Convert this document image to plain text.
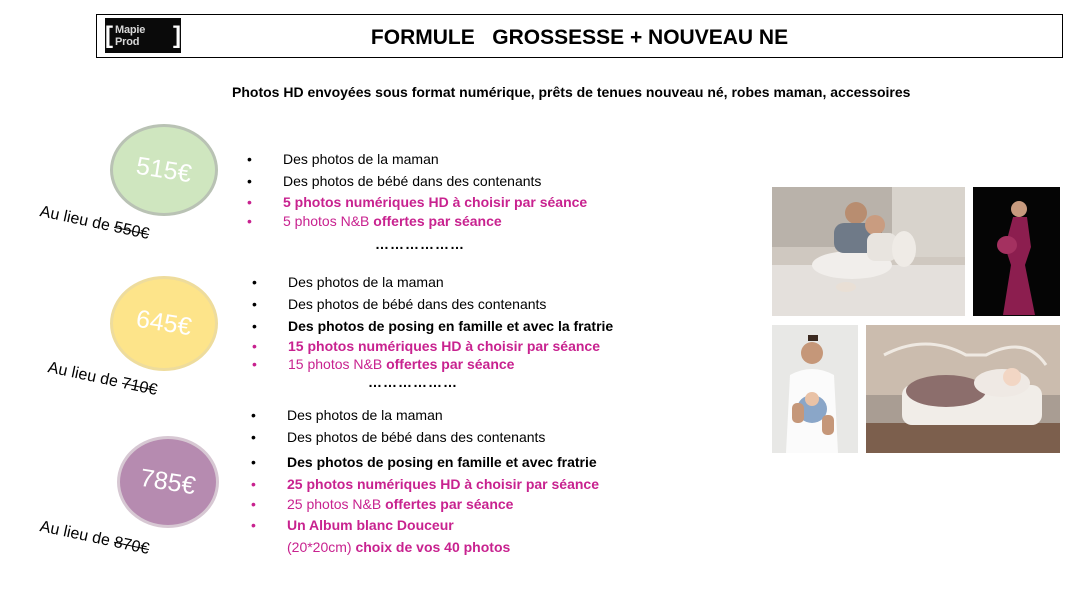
[ Mapie Prod	]	FORMULE   GROSSESSE + NOUVEAU NE
Photos HD envoyées sous format numérique, prêts de tenues nouveau né, robes maman, accessoires
515€
Au lieu de 550€
• Des photos de la maman
• Des photos de bébé dans des contenants
• 5 photos numériques HD à choisir par séance
• 5 photos N&B offertes par séance
………………
645€
Au lieu de 710€
• Des photos de la maman
• Des photos de bébé dans des contenants
• Des photos de posing en famille et avec la fratrie
• 15 photos numériques HD à choisir par séance
• 15 photos N&B offertes par séance
………………
785€
Au lieu de 870€
• Des photos de la maman
• Des photos de bébé dans des contenants
• Des photos de posing en famille et avec fratrie
• 25 photos numériques HD à choisir par séance
• 25 photos N&B offertes par séance
• Un Album blanc Douceur
(20*20cm) choix de vos 40 photos
